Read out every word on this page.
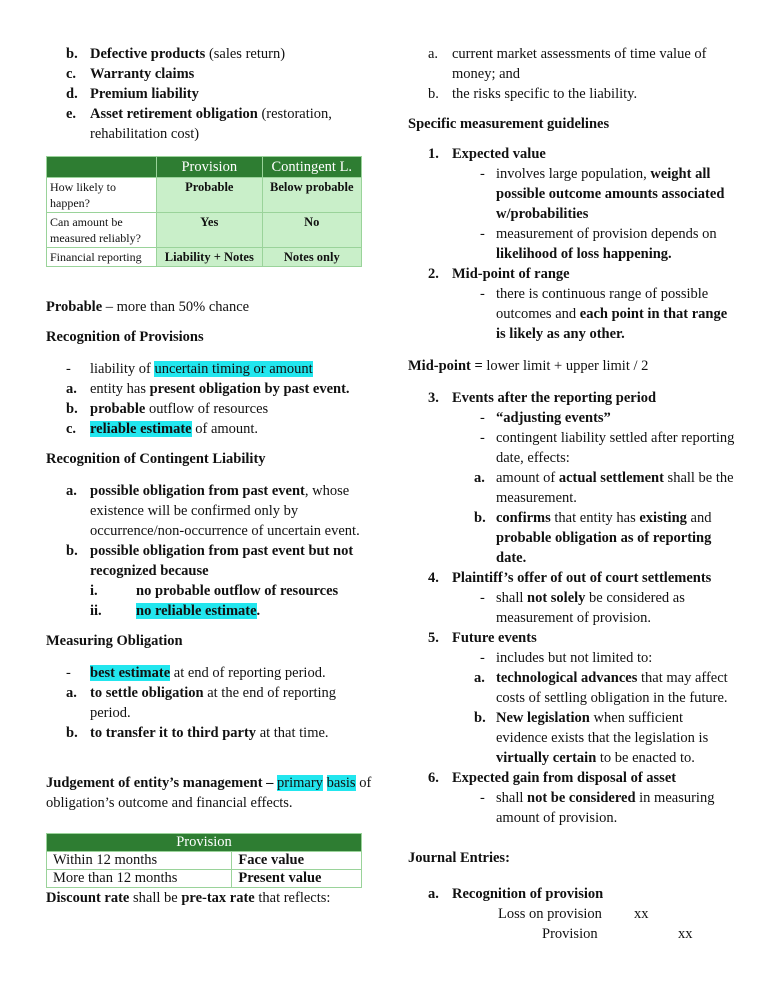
b. Defective products (sales return)
c. Warranty claims
d. Premium liability
e. Asset retirement obligation (restoration, rehabilitation cost)
	Provision	Contingent L.
How likely to happen?	Probable	Below probable
Can amount be measured reliably?	Yes	No
Financial reporting	Liability + Notes	Notes only
Probable – more than 50% chance
Recognition of Provisions
- liability of uncertain timing or amount
a. entity has present obligation by past event.
b. probable outflow of resources
c. reliable estimate of amount.
Recognition of Contingent Liability
a. possible obligation from past event, whose existence will be confirmed only by occurrence/non-occurrence of uncertain event.
b. possible obligation from past event but not recognized because
i.	no probable outflow of resources
ii. no reliable estimate.
Measuring Obligation
- best estimate at end of reporting period.
a. to settle obligation at the end of reporting period.
b. to transfer it to third party at that time.
Judgement of entity’s management – primary basis of obligation’s outcome and financial effects.
Provision	
Within 12 months	Face value
More than 12 months	Present value
Discount rate shall be pre-tax rate that reflects:
a. current market assessments of time value of money; and
b. the risks specific to the liability.
Specific measurement guidelines
1. Expected value
- involves large population, weight all possible outcome amounts associated w/probabilities
- measurement of provision depends on likelihood of loss happening.
2. Mid-point of range
- there is continuous range of possible outcomes and each point in that range is likely as any other.
Mid-point = lower limit + upper limit / 2
3. Events after the reporting period
- “adjusting events”
- contingent liability settled after reporting date, effects:
a. amount of actual settlement shall be the measurement.
b. confirms that entity has existing and probable obligation as of reporting date.
4. Plaintiff’s offer of out of court settlements
- shall not solely be considered as measurement of provision.
5. Future events
- includes but not limited to:
a. technological advances that may affect costs of settling obligation in the future.
b. New legislation when sufficient evidence exists that the legislation is virtually certain to be enacted to.
6. Expected gain from disposal of asset
- shall not be considered in measuring amount of provision.
Journal Entries:
a. Recognition of provision
Loss on provision xx
Provision	xx
